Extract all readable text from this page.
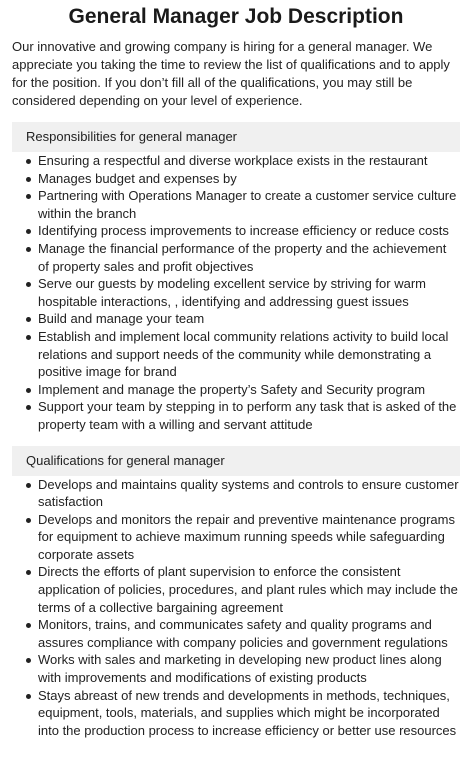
General Manager Job Description

Our innovative and growing company is hiring for a general manager. We appreciate you taking the time to review the list of qualifications and to apply for the position. If you don’t fill all of the qualifications, you may still be considered depending on your level of experience.

Responsibilities for general manager
Ensuring a respectful and diverse workplace exists in the restaurant
Manages budget and expenses by
Partnering with Operations Manager to create a customer service culture within the branch
Identifying process improvements to increase efficiency or reduce costs
Manage the financial performance of the property and the achievement of property sales and profit objectives
Serve our guests by modeling excellent service by striving for warm hospitable interactions, , identifying and addressing guest issues
Build and manage your team
Establish and implement local community relations activity to build local relations and support needs of the community while demonstrating a positive image for brand
Implement and manage the property’s Safety and Security program
Support your team by stepping in to perform any task that is asked of the property team with a willing and servant attitude
Qualifications for general manager
Develops and maintains quality systems and controls to ensure customer satisfaction
Develops and monitors the repair and preventive maintenance programs for equipment to achieve maximum running speeds while safeguarding corporate assets
Directs the efforts of plant supervision to enforce the consistent application of policies, procedures, and plant rules which may include the terms of a collective bargaining agreement
Monitors, trains, and communicates safety and quality programs and assures compliance with company policies and government regulations
Works with sales and marketing in developing new product lines along with improvements and modifications of existing products
Stays abreast of new trends and developments in methods, techniques, equipment, tools, materials, and supplies which might be incorporated into the production process to increase efficiency or better use resources
